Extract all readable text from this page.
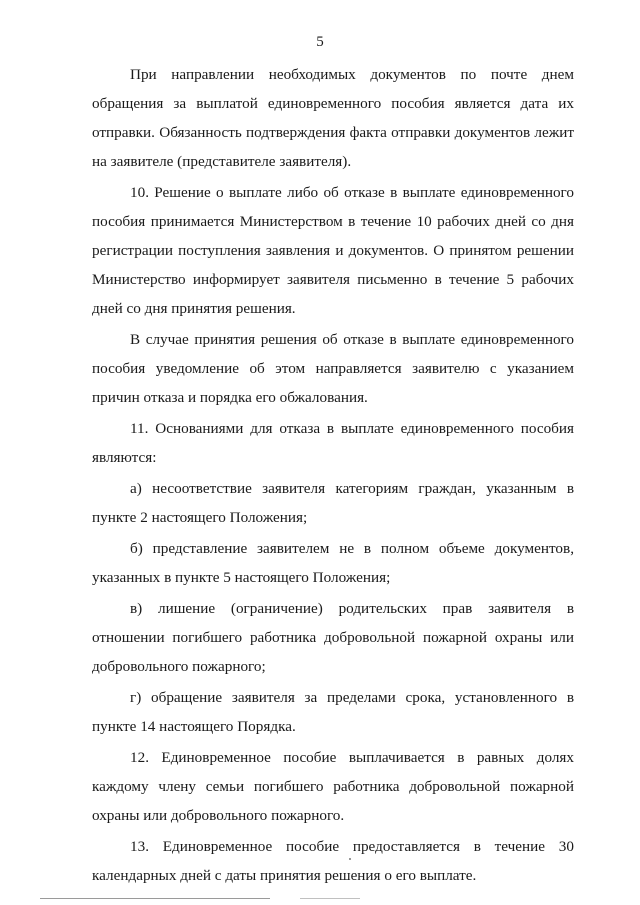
5

При направлении необходимых документов по почте днем обращения за выплатой единовременного пособия является дата их отправки. Обязанность подтверждения факта отправки документов лежит на заявителе (представителе заявителя).

10. Решение о выплате либо об отказе в выплате единовременного пособия принимается Министерством в течение 10 рабочих дней со дня регистрации поступления заявления и документов. О принятом решении Министерство информирует заявителя письменно в течение 5 рабочих дней со дня принятия решения.

В случае принятия решения об отказе в выплате единовременного пособия уведомление об этом направляется заявителю с указанием причин отказа и порядка его обжалования.

11. Основаниями для отказа в выплате единовременного пособия являются:

а) несоответствие заявителя категориям граждан, указанным в пункте 2 настоящего Положения;

б) представление заявителем не в полном объеме документов, указанных в пункте 5 настоящего Положения;

в) лишение (ограничение) родительских прав заявителя в отношении погибшего работника добровольной пожарной охраны или добровольного пожарного;

г) обращение заявителя за пределами срока, установленного в пункте 14 настоящего Порядка.

12. Единовременное пособие выплачивается в равных долях каждому члену семьи погибшего работника добровольной пожарной охраны или добровольного пожарного.

13. Единовременное пособие предоставляется в течение 30 календарных дней с даты принятия решения о его выплате.
